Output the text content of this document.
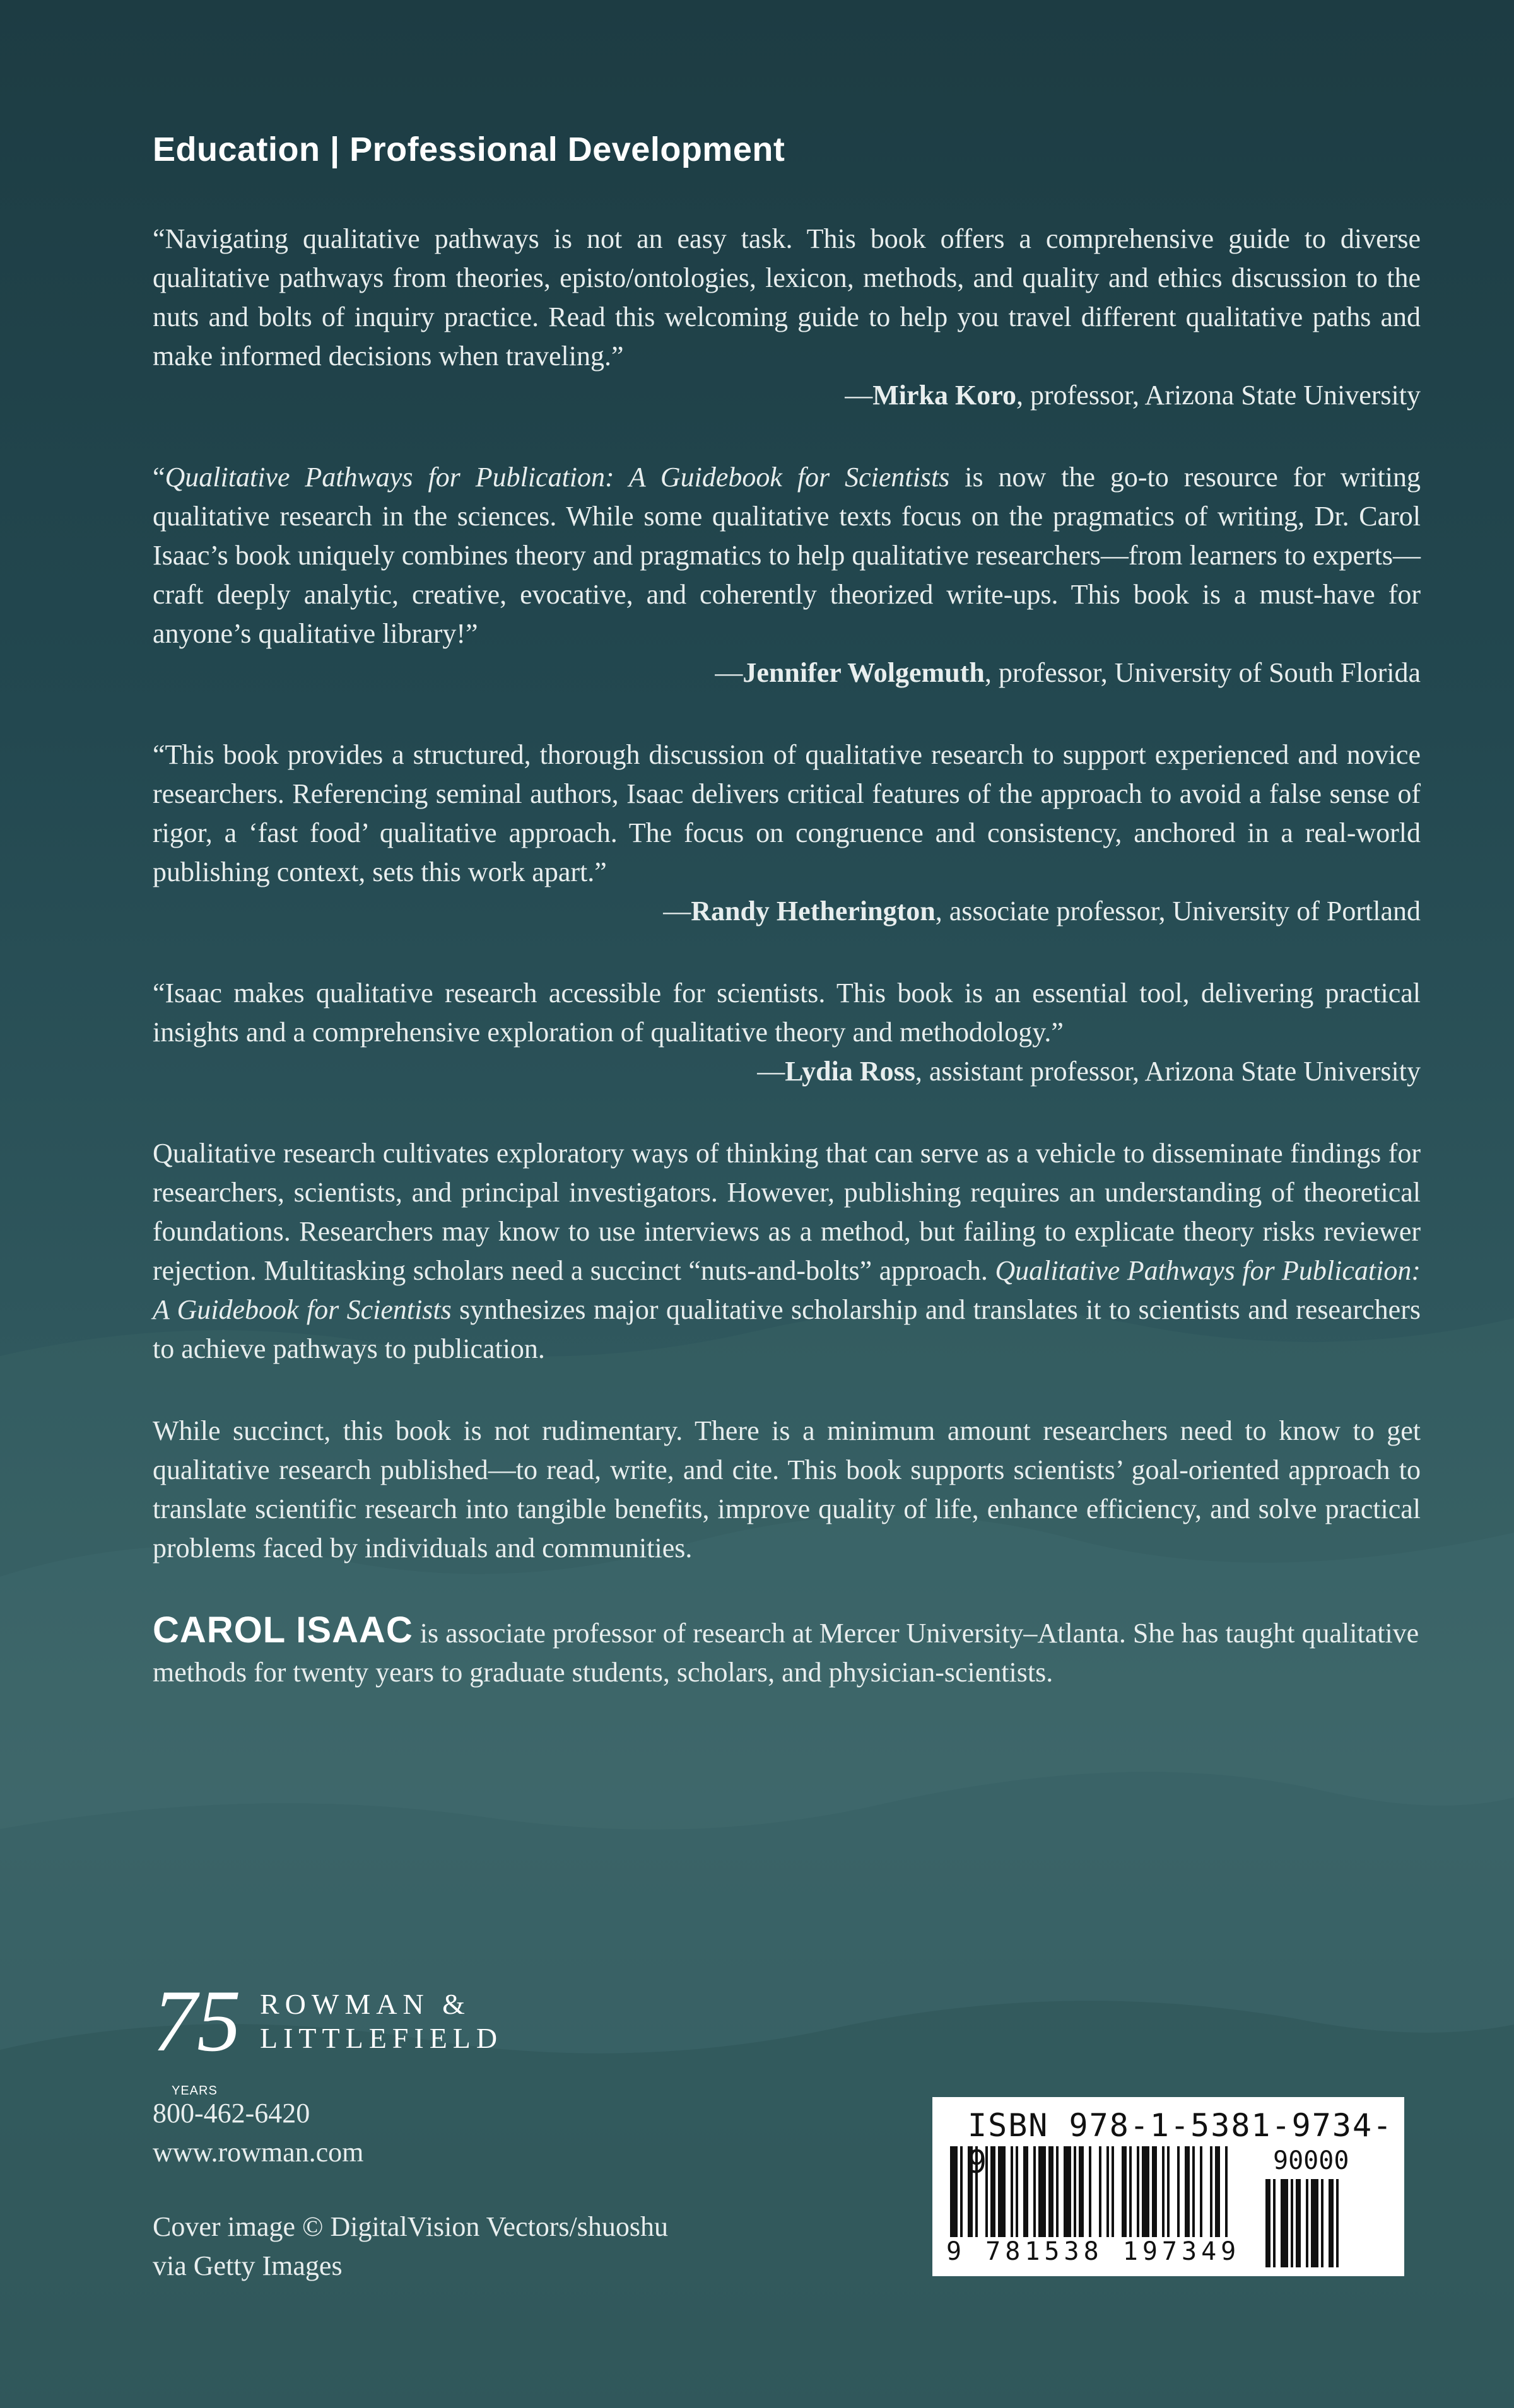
Education | Professional Development

“Navigating qualitative pathways is not an easy task. This book offers a comprehensive guide to diverse qualitative pathways from theories, episto/ontologies, lexicon, methods, and quality and ethics discussion to the nuts and bolts of inquiry practice. Read this welcoming guide to help you travel different qualitative paths and make informed decisions when traveling.”

—Mirka Koro, professor, Arizona State University

“Qualitative Pathways for Publication: A Guidebook for Scientists is now the go-to resource for writing qualitative research in the sciences. While some qualitative texts focus on the pragmatics of writing, Dr. Carol Isaac’s book uniquely combines theory and pragmatics to help qualitative researchers—from learners to experts—craft deeply analytic, creative, evocative, and coherently theorized write-ups. This book is a must-have for anyone’s qualitative library!”

—Jennifer Wolgemuth, professor, University of South Florida

“This book provides a structured, thorough discussion of qualitative research to support experienced and novice researchers. Referencing seminal authors, Isaac delivers critical features of the approach to avoid a false sense of rigor, a ‘fast food’ qualitative approach. The focus on congruence and consistency, anchored in a real-world publishing context, sets this work apart.”

—Randy Hetherington, associate professor, University of Portland

“Isaac makes qualitative research accessible for scientists. This book is an essential tool, delivering practical insights and a comprehensive exploration of qualitative theory and methodology.”

—Lydia Ross, assistant professor, Arizona State University

Qualitative research cultivates exploratory ways of thinking that can serve as a vehicle to disseminate findings for researchers, scientists, and principal investigators. However, publishing requires an understanding of theoretical foundations. Researchers may know to use interviews as a method, but failing to explicate theory risks reviewer rejection. Multitasking scholars need a succinct “nuts-and-bolts” approach. Qualitative Pathways for Publication: A Guidebook for Scientists synthesizes major qualitative scholarship and translates it to scientists and researchers to achieve pathways to publication.

While succinct, this book is not rudimentary. There is a minimum amount researchers need to know to get qualitative research published—to read, write, and cite. This book supports scientists’ goal-oriented approach to translate scientific research into tangible benefits, improve quality of life, enhance efficiency, and solve practical problems faced by individuals and communities.

CAROL ISAAC is associate professor of research at Mercer University–Atlanta. She has taught qualitative methods for twenty years to graduate students, scholars, and physician-scientists.

75
YEARS
ROWMAN &
LITTLEFIELD

800-462-6420

www.rowman.com

Cover image © DigitalVision Vectors/shuoshu

via Getty Images

ISBN 978-1-5381-9734-9	90000
9 781538 197349
